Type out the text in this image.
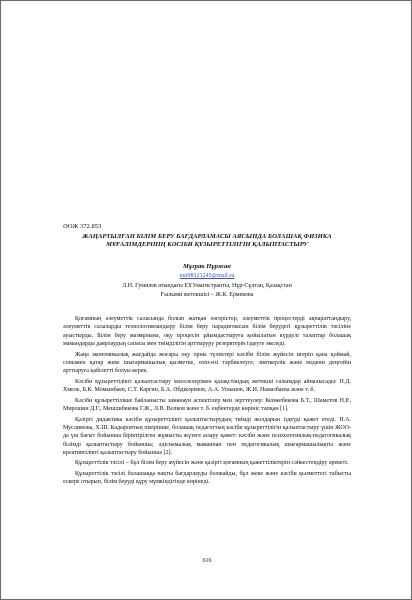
ӘОЖ 372.853
ЖАҢАРТЫЛҒАН БІЛІМ БЕРУ БАҒДАРЛАМАСЫ АЯСЫНДА БОЛАШАҚ ФИЗИКА
МҰҒАЛІМДЕРІНІҢ КӘСІБИ ҚҰЗЫРЕТТІЛІГІН ҚАЛЫПТАСТЫРУ
Мұғрак Нұржан
nur98121245@mail.ru
Л.Н. Гумилев атындағы ЕҰУмагистранты, Нұр-Сұлтан, Қазақстан
Ғылыми жетекшісі – Ж.К. Ермекова

Қоғамның әлеуметтік саласында болып жатқан өзгерістер, әлеуметтік процестерді ақпараттандыру, әлеуметтік салаларды технологияландыру білім беру парадигмасын білім берудегі құзыреттілік тәсіліне ауыстырды. Білім беру мазмұнына, оқу процесін ұйымдастыруға қойылатын күрделі талаптар болашақ мамандарды даярлаудың сапасы мен тиімділігін арттыруру резервтерін іздеуге әкеледі.

Жаңа экономикалық жағдайда жоғары оқу орны түлектері кәсіби білім жүйесін игеріп қана қоймай, сонымен қатар жеке шығармашылық қызметке, өзін-өзі тәрбиелеуге, зияткерлік және мәдени деңгейін арттыруға қабілетті болуы керек.

Кәсіби құзыреттілікті қалыптастыру мәселелерімен қазақстандық жетекші ғалымдар айналысады: Н.Д. Хмель, Б.К. Момынбаев, С.Т. Каргин, Б.А. Әбдікәрімов, А.А. Усманов, Ж.И. Намазбаева және т. б.

Кәсіби құзыреттілікке байланысты заманауи аспектілер мен зерттеулер: Кенжебекова Б.Т., Шаметов Н.Р., Мирошин Д.Г., Мешлибекова Г.Ж., Л.В. Волков және т. б. еңбектерде көрініс тапқан [1].

Қазіргі дидактика кәсіби құзыреттілікті қалыптастырудың тиімді жолдарын іздеуді қажет етеді. Н.А. Муслимова, Х.Ш. Кадыровтың пікірінше, болашақ педагогтың кәсіби құзыреттілігін қалыптастыру үшін ЖОО-да үш бағыт бойынша біріктірілген жұмысты жүзеге асыру қажет: кәсіби және психологиялық-педагогикалық білімді қалыптастыру бойынша; әдіснамалық маманнан пен педагогикалық шығармашылықты және креативтілікті қалыптастыру бойынша [2].

Құзыреттілік тәсілі – бұл білім беру жүйесін және қазіргі қоғамның қажеттіліктерін сәйкестендіру әрекеті.

Құзыреттілік тәсілі болашаққа нақты бағдарлауды болжайды, бұл жеке және кәсіби қызметтегі табысты ескере отырып, білім беруді құру мүмкіндігінде көрінеді.

616
